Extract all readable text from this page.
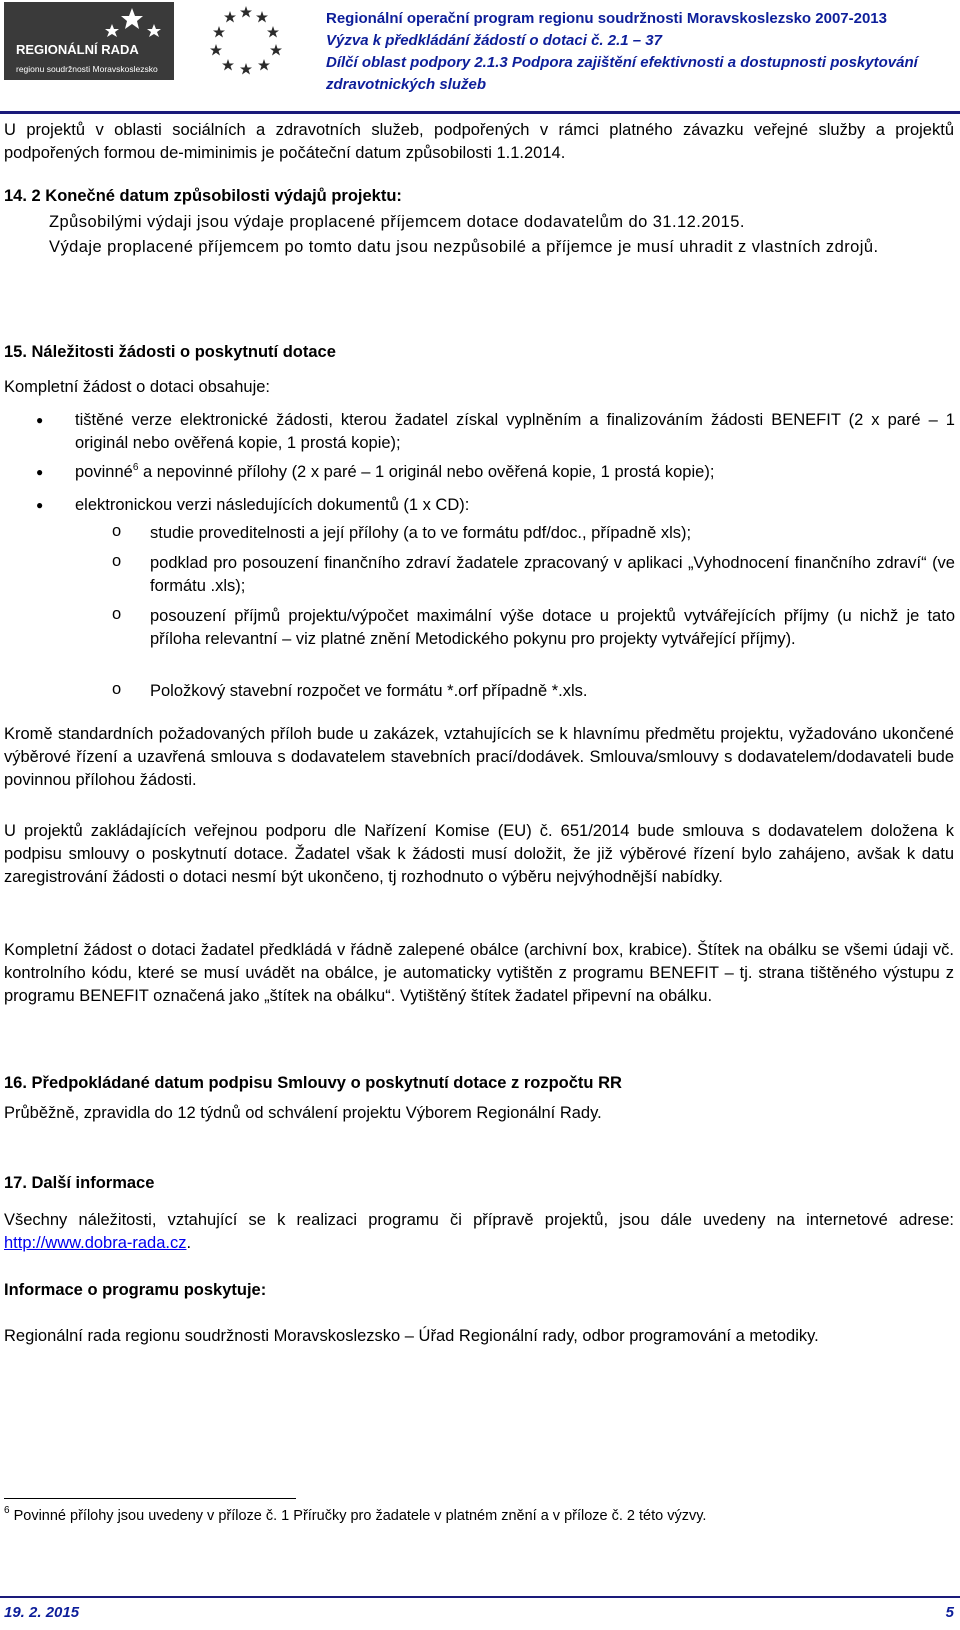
REGIONÁLNÍ RADA
regionu soudržnosti Moravskoslezsko
Regionální operační program regionu soudržnosti Moravskoslezsko 2007-2013
Výzva k předkládání žádostí o dotaci č. 2.1 – 37
Dílčí oblast podpory 2.1.3 Podpora zajištění efektivnosti a dostupnosti poskytování
zdravotnických služeb
U projektů v oblasti sociálních a zdravotních služeb, podpořených v rámci platného závazku veřejné služby a projektů podpořených formou de-miminimis je počáteční datum způsobilosti 1.1.2014.
14. 2 Konečné datum způsobilosti výdajů projektu:
Způsobilými výdaji jsou výdaje proplacené příjemcem dotace dodavatelům do 31.12.2015.
Výdaje proplacené příjemcem po tomto datu jsou nezpůsobilé a příjemce je musí uhradit z vlastních zdrojů.
15. Náležitosti žádosti o poskytnutí dotace
Kompletní žádost o dotaci obsahuje:
● tištěné verze elektronické žádosti, kterou žadatel získal vyplněním a finalizováním žádosti BENEFIT (2 x paré – 1 originál nebo ověřená kopie, 1 prostá kopie);
● povinné$^6$ a nepovinné přílohy (2 x paré – 1 originál nebo ověřená kopie, 1 prostá kopie);
● elektronickou verzi následujících dokumentů (1 x CD):
o studie proveditelnosti a její přílohy (a to ve formátu pdf/doc., případně xls);
o podklad pro posouzení finančního zdraví žadatele zpracovaný v aplikaci „Vyhodnocení finančního zdraví“ (ve formátu .xls);
o posouzení příjmů projektu/výpočet maximální výše dotace u projektů vytvářejících příjmy (u nichž je tato příloha relevantní – viz platné znění Metodického pokynu pro projekty vytvářející příjmy).
o Položkový stavební rozpočet ve formátu *.orf případně *.xls.
Kromě standardních požadovaných příloh bude u zakázek, vztahujících se k hlavnímu předmětu projektu, vyžadováno ukončené výběrové řízení a uzavřená smlouva s dodavatelem stavebních prací/dodávek. Smlouva/smlouvy s dodavatelem/dodavateli bude povinnou přílohou žádosti.
U projektů zakládajících veřejnou podporu dle Nařízení Komise (EU) č. 651/2014 bude smlouva s dodavatelem doložena k podpisu smlouvy o poskytnutí dotace. Žadatel však k žádosti musí doložit, že již výběrové řízení bylo zahájeno, avšak k datu zaregistrování žádosti o dotaci nesmí být ukončeno, tj rozhodnuto o výběru nejvýhodnější nabídky.
Kompletní žádost o dotaci žadatel předkládá v řádně zalepené obálce (archivní box, krabice). Štítek na obálku se všemi údaji vč. kontrolního kódu, které se musí uvádět na obálce, je automaticky vytištěn z programu BENEFIT – tj. strana tištěného výstupu z programu BENEFIT označená jako „štítek na obálku“. Vytištěný štítek žadatel připevní na obálku.
16. Předpokládané datum podpisu Smlouvy o poskytnutí dotace z rozpočtu RR
Průběžně, zpravidla do 12 týdnů od schválení projektu Výborem Regionální Rady.
17. Další informace
Všechny náležitosti, vztahující se k realizaci programu či přípravě projektů, jsou dále uvedeny na internetové adrese: http://www.dobra-rada.cz.
Informace o programu poskytuje:
Regionální rada regionu soudržnosti Moravskoslezsko – Úřad Regionální rady, odbor programování a metodiky.
$^6$ Povinné přílohy jsou uvedeny v příloze č. 1 Příručky pro žadatele v platném znění a v příloze č. 2 této výzvy.
19. 2. 2015	5
